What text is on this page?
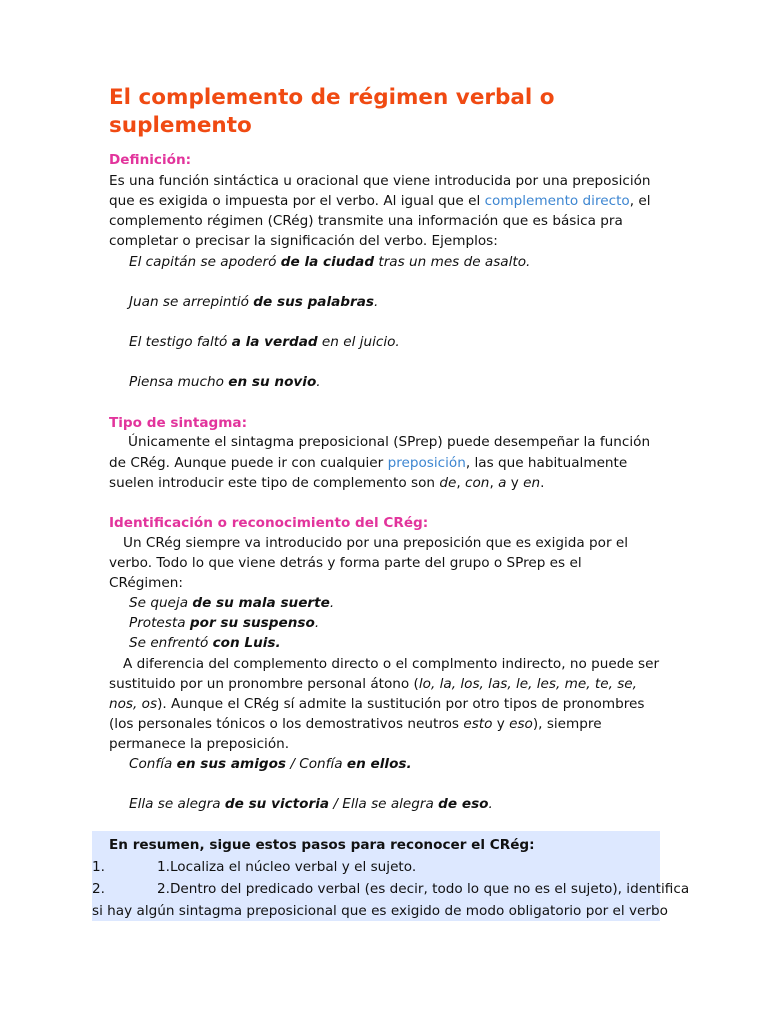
El complemento de régimen verbal o suplemento
Definición:
Es una función sintáctica u oracional que viene introducida por una preposición
que es exigida o impuesta por el verbo. Al igual que el complemento directo, el
complemento régimen (CRég) transmite una información que es básica pra
completar o precisar la significación del verbo. Ejemplos:
El capitán se apoderó de la ciudad tras un mes de asalto.
Juan se arrepintió de sus palabras.
El testigo faltó a la verdad en el juicio.
Piensa mucho en su novio.
Tipo de sintagma:
Únicamente el sintagma preposicional (SPrep) puede desempeñar la función
de CRég. Aunque puede ir con cualquier preposición, las que habitualmente
suelen introducir este tipo de complemento son de, con, a y en.
Identificación o reconocimiento del CRég:
Un CRég siempre va introducido por una preposición que es exigida por el
verbo. Todo lo que viene detrás y forma parte del grupo o SPrep es el
CRégimen:
Se queja de su mala suerte.
Protesta por su suspenso.
Se enfrentó con Luis.
A diferencia del complemento directo o el complmento indirecto, no puede ser
sustituido por un pronombre personal átono (lo, la, los, las, le, les, me, te, se,
nos, os). Aunque el CRég sí admite la sustitución por otro tipos de pronombres
(los personales tónicos o los demostrativos neutros esto y eso), siempre
permanece la preposición.
Confía en sus amigos / Confía en ellos.
Ella se alegra de su victoria / Ella se alegra de eso.
En resumen, sigue estos pasos para reconocer el CRég:
1.	1.Localiza el núcleo verbal y el sujeto.
2.	2.Dentro del predicado verbal (es decir, todo lo que no es el sujeto), identifica
si hay algún sintagma preposicional que es exigido de modo obligatorio por el verbo
